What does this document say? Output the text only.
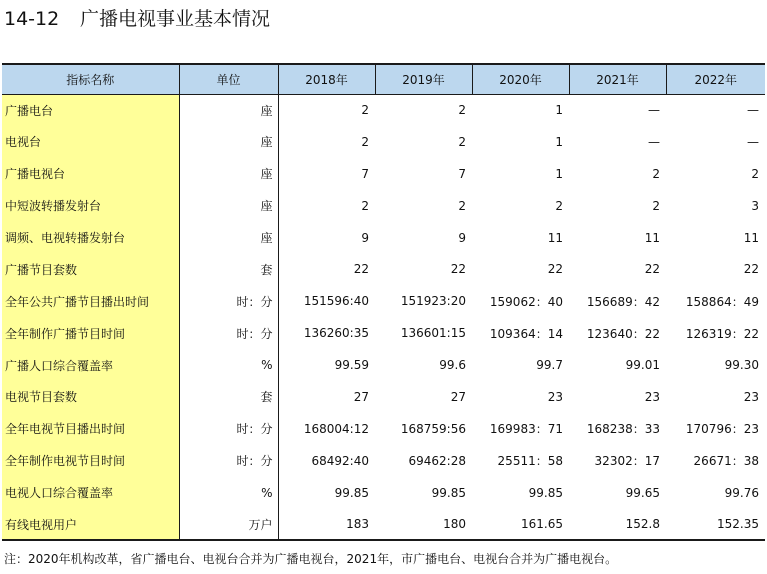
14-12 广播电视事业基本情况
指标名称	单位	2018年	2019年	2020年	2021年	2022年
广播电台	座	2	2	1	—	—
电视台	座	2	2	1	—	—
广播电视台	座	7	7	1	2	2
中短波转播发射台	座	2	2	2	2	3
调频、电视转播发射台	座	9	9	11	11	11
广播节目套数	套	22	22	22	22	22
全年公共广播节目播出时间	时：分	151596:40	151923:20	159062：40	156689：42	158864：49
全年制作广播节目时间	时：分	136260:35	136601:15	109364：14	123640：22	126319：22
广播人口综合覆盖率	%	99.59	99.6	99.7	99.01	99.30
电视节目套数	套	27	27	23	23	23
全年电视节目播出时间	时：分	168004:12	168759:56	169983：71	168238：33	170796：23
全年制作电视节目时间	时：分	68492:40	69462:28	25511：58	32302：17	26671：38
电视人口综合覆盖率	%	99.85	99.85	99.85	99.65	99.76
有线电视用户	万户	183	180	161.65	152.8	152.35
注：2020年机构改革，省广播电台、电视台合并为广播电视台，2021年，市广播电台、电视台合并为广播电视台。
